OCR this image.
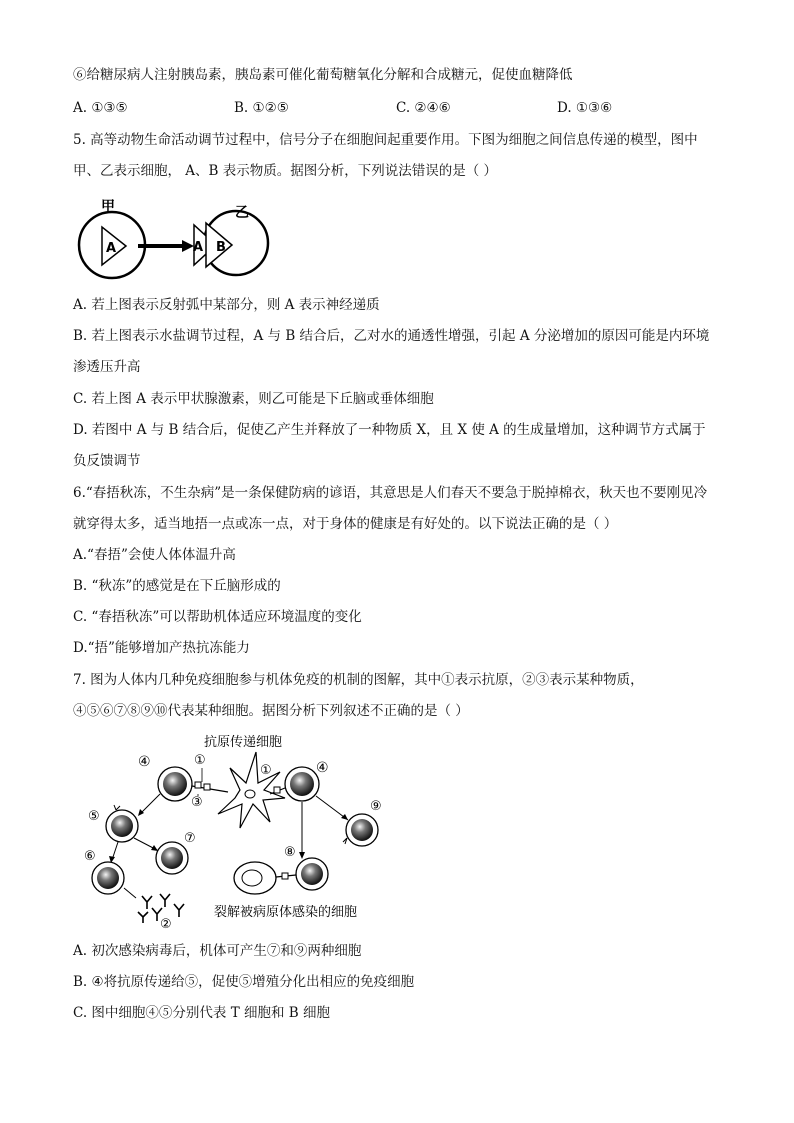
⑥给糖尿病人注射胰岛素，胰岛素可催化葡萄糖氧化分解和合成糖元，促使血糖降低
A. ①③⑤	B. ①②⑤	C. ②④⑥	D. ①③⑥
5. 高等动物生命活动调节过程中，信号分子在细胞间起重要作用。下图为细胞之间信息传递的模型，图中
甲、乙表示细胞， A、B 表示物质。据图分析，下列说法错误的是（ ）
A
甲
A B
乙
A. 若上图表示反射弧中某部分，则 A 表示神经递质
B. 若上图表示水盐调节过程，A 与 B 结合后，乙对水的通透性增强，引起 A 分泌增加的原因可能是内环境
渗透压升高
C. 若上图 A 表示甲状腺激素，则乙可能是下丘脑或垂体细胞
D. 若图中 A 与 B 结合后，促使乙产生并释放了一种物质 X，且 X 使 A 的生成量增加，这种调节方式属于
负反馈调节
6.“春捂秋冻，不生杂病”是一条保健防病的谚语，其意思是人们春天不要急于脱掉棉衣，秋天也不要刚见冷
就穿得太多，适当地捂一点或冻一点，对于身体的健康是有好处的。以下说法正确的是（ ）
A.“春捂”会使人体体温升高
B. “秋冻”的感觉是在下丘脑形成的
C. “春捂秋冻”可以帮助机体适应环境温度的变化
D.“捂”能够增加产热抗冻能力
7. 图为人体内几种免疫细胞参与机体免疫的机制的图解，其中①表示抗原，②③表示某种物质，
④⑤⑥⑦⑧⑨⑩代表某种细胞。据图分析下列叙述不正确的是（ ）
抗原传递细胞
④	①
③
④
①
⑨
⑧
裂解被病原体感染的细胞
⑤
⑦
⑥
②
A. 初次感染病毒后，机体可产生⑦和⑨两种细胞
B. ④将抗原传递给⑤，促使⑤增殖分化出相应的免疫细胞
C. 图中细胞④⑤分别代表 T 细胞和 B 细胞
